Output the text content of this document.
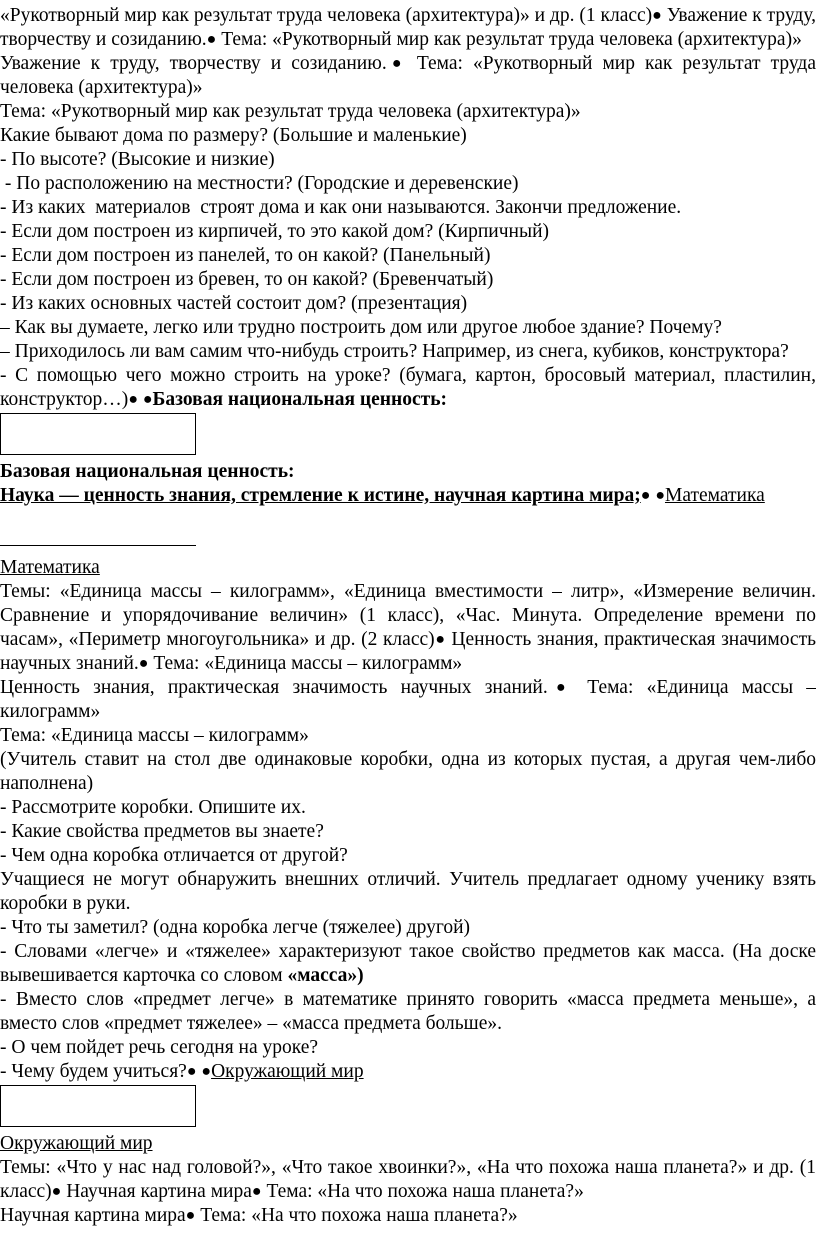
«Рукотворный мир как результат труда человека (архитектура)» и др. (1 класс)● Уважение к труду, творчеству и созиданию.● Тема: «Рукотворный мир как результат труда человека (архитектура)»

Уважение к труду, творчеству и созиданию.● Тема: «Рукотворный мир как результат труда человека (архитектура)»

Тема: «Рукотворный мир как результат труда человека (архитектура)»

Какие бывают дома по размеру? (Большие и маленькие)

- По высоте? (Высокие и низкие)

- По расположению на местности? (Городские и деревенские)

- Из каких  материалов  строят дома и как они называются. Закончи предложение.

- Если дом построен из кирпичей, то это какой дом? (Кирпичный)

- Если дом построен из панелей, то он какой? (Панельный)

- Если дом построен из бревен, то он какой? (Бревенчатый)

- Из каких основных частей состоит дом? (презентация)

– Как вы думаете, легко или трудно построить дом или другое любое здание? Почему?

– Приходилось ли вам самим что-нибудь строить? Например, из снега, кубиков, конструктора?

- С помощью чего можно строить на уроке? (бумага, картон, бросовый материал, пластилин, конструктор…)● ●Базовая национальная ценность:

Базовая национальная ценность:

Наука — ценность знания, стремление к истине, научная картина мира;● ●Математика

Математика

Темы: «Единица массы – килограмм», «Единица вместимости – литр», «Измерение величин. Сравнение и упорядочивание величин» (1 класс), «Час. Минута. Определение времени по часам», «Периметр многоугольника» и др. (2 класс)● Ценность знания, практическая значимость научных знаний.● Тема: «Единица массы – килограмм»

Ценность знания, практическая значимость научных знаний.● Тема: «Единица массы – килограмм»

Тема: «Единица массы – килограмм»

(Учитель ставит на стол две одинаковые коробки, одна из которых пустая, а другая чем-либо наполнена)

- Рассмотрите коробки. Опишите их.

- Какие свойства предметов вы знаете?

- Чем одна коробка отличается от другой?

Учащиеся не могут обнаружить внешних отличий. Учитель предлагает одному ученику взять коробки в руки.

- Что ты заметил? (одна коробка легче (тяжелее) другой)

- Словами «легче» и «тяжелее» характеризуют такое свойство предметов как масса. (На доске вывешивается карточка со словом «масса»)

- Вместо слов «предмет легче» в математике принято говорить «масса предмета меньше», а вместо слов «предмет тяжелее» – «масса предмета больше».

- О чем пойдет речь сегодня на уроке?

- Чему будем учиться?● ●Окружающий мир

Окружающий мир

Темы: «Что у нас над головой?», «Что такое хвоинки?», «На что похожа наша планета?» и др. (1 класс)● Научная картина мира● Тема: «На что похожа наша планета?»

Научная картина мира● Тема: «На что похожа наша планета?»
